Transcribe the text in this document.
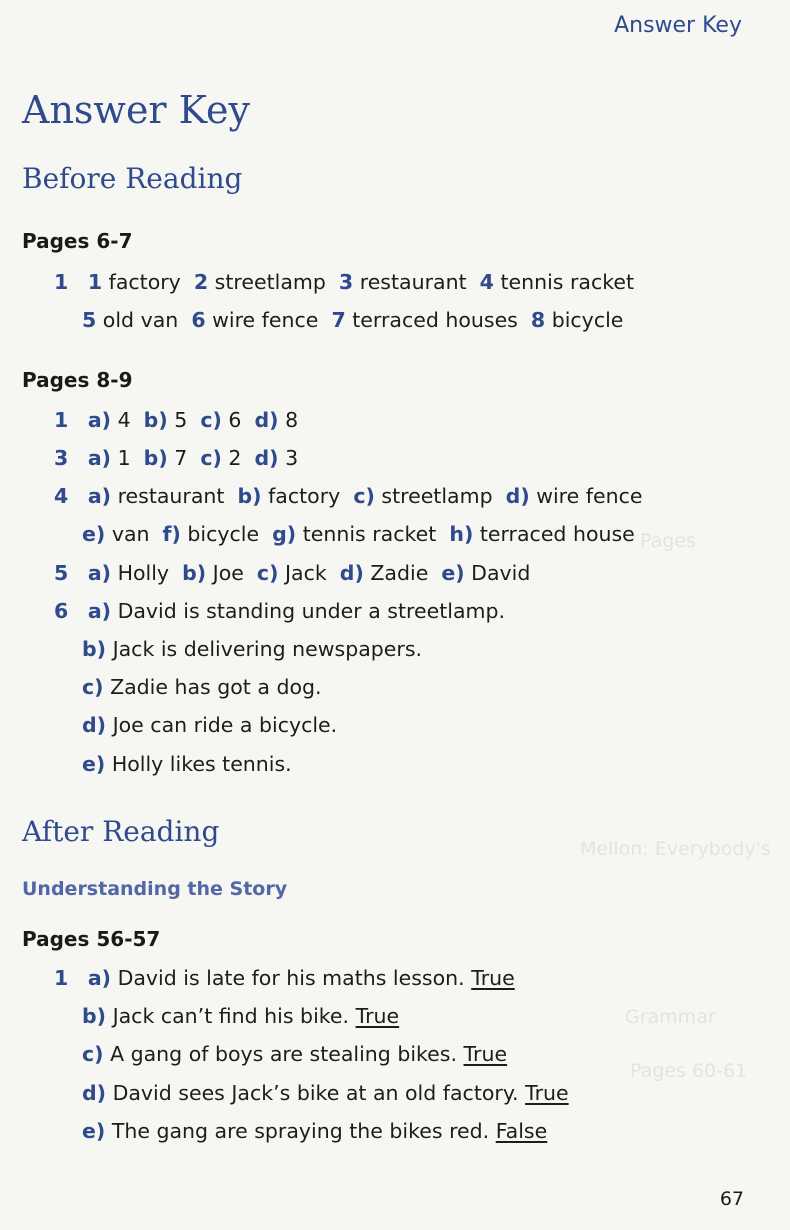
Pages
Mellon: Everybody's
Grammar
Pages 60-61
Answer Key
Answer Key
Before Reading
Pages 6-7
1 1 factory 2 streetlamp 3 restaurant 4 tennis racket
5 old van 6 wire fence 7 terraced houses 8 bicycle
Pages 8-9
1 a) 4 b) 5 c) 6 d) 8
3 a) 1 b) 7 c) 2 d) 3
4 a) restaurant b) factory c) streetlamp d) wire fence
e) van f) bicycle g) tennis racket h) terraced house
5 a) Holly b) Joe c) Jack d) Zadie e) David
6 a) David is standing under a streetlamp.
b) Jack is delivering newspapers.
c) Zadie has got a dog.
d) Joe can ride a bicycle.
e) Holly likes tennis.
After Reading
Understanding the Story
Pages 56-57
1 a) David is late for his maths lesson. True
b) Jack can’t find his bike. True
c) A gang of boys are stealing bikes. True
d) David sees Jack’s bike at an old factory. True
e) The gang are spraying the bikes red. False
67
